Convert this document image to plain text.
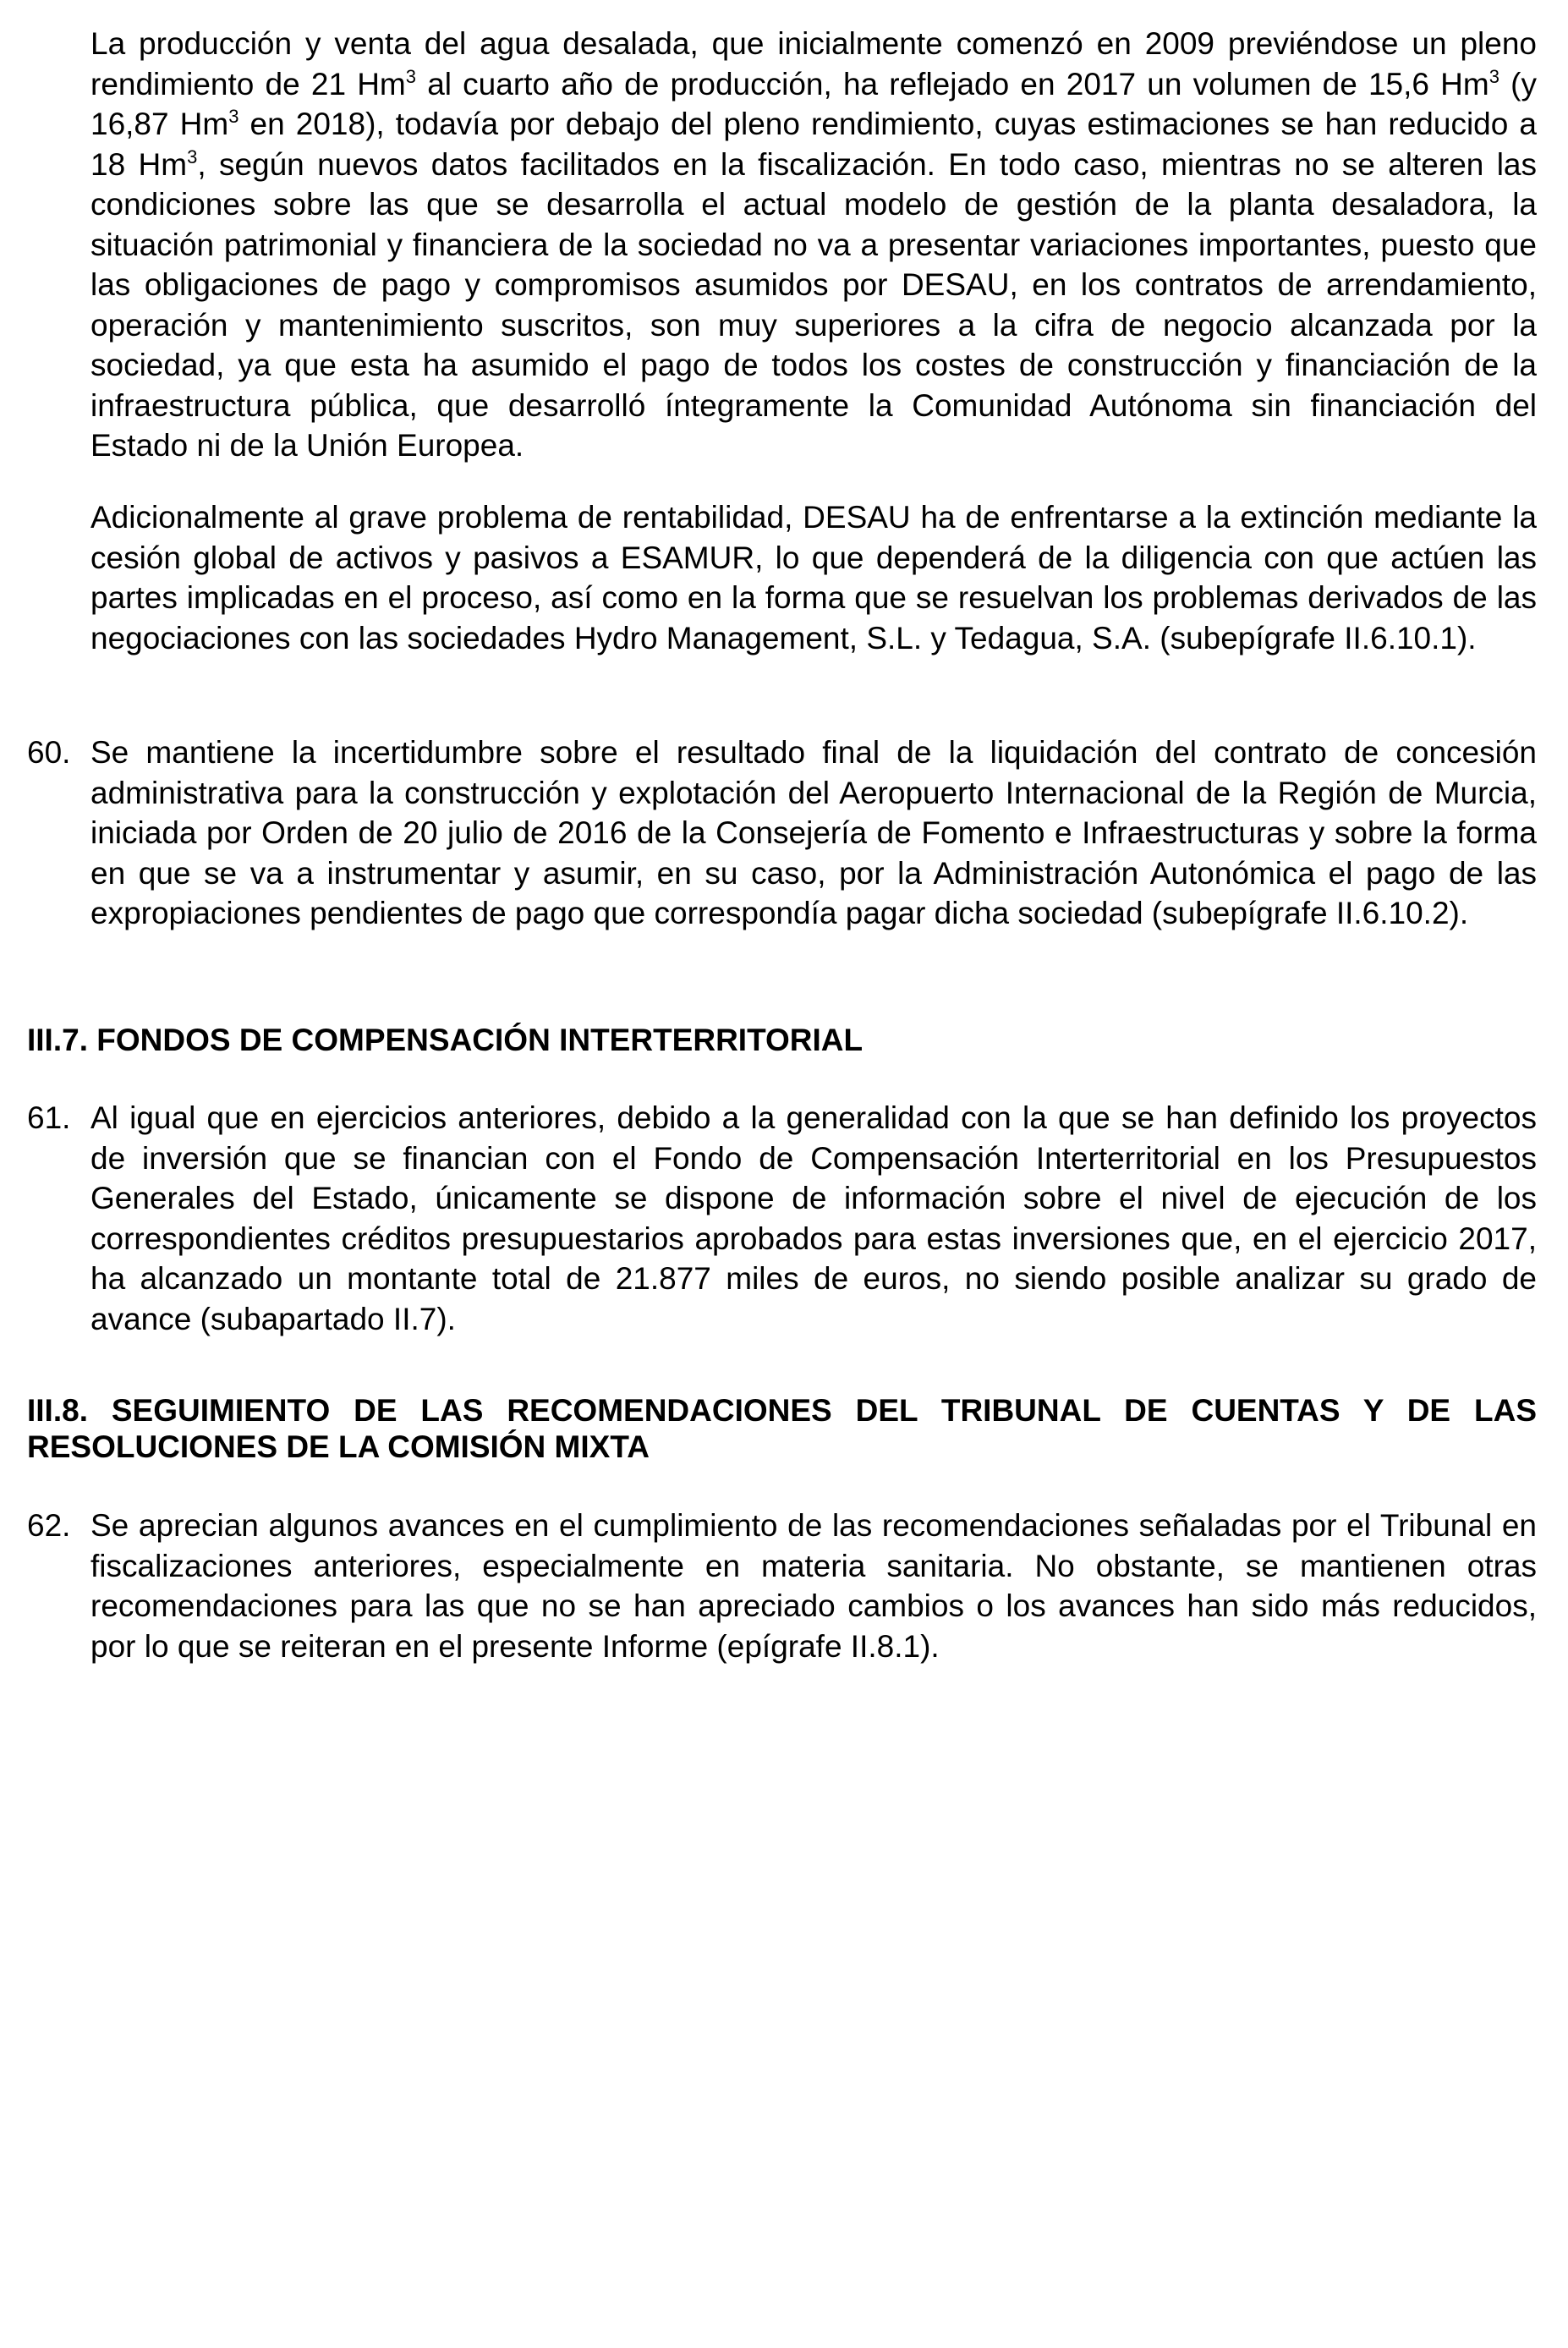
La producción y venta del agua desalada, que inicialmente comenzó en 2009 previéndose un pleno rendimiento de 21 Hm$^3$ al cuarto año de producción, ha reflejado en 2017 un volumen de 15,6 Hm$^3$ (y 16,87 Hm$^3$ en 2018), todavía por debajo del pleno rendimiento, cuyas estimaciones se han reducido a 18 Hm$^3$, según nuevos datos facilitados en la fiscalización. En todo caso, mientras no se alteren las condiciones sobre las que se desarrolla el actual modelo de gestión de la planta desaladora, la situación patrimonial y financiera de la sociedad no va a presentar variaciones importantes, puesto que las obligaciones de pago y compromisos asumidos por DESAU, en los contratos de arrendamiento, operación y mantenimiento suscritos, son muy superiores a la cifra de negocio alcanzada por la sociedad, ya que esta ha asumido el pago de todos los costes de construcción y financiación de la infraestructura pública, que desarrolló íntegramente la Comunidad Autónoma sin financiación del Estado ni de la Unión Europea.

Adicionalmente al grave problema de rentabilidad, DESAU ha de enfrentarse a la extinción mediante la cesión global de activos y pasivos a ESAMUR, lo que dependerá de la diligencia con que actúen las partes implicadas en el proceso, así como en la forma que se resuelvan los problemas derivados de las negociaciones con las sociedades Hydro Management, S.L. y Tedagua, S.A. (subepígrafe II.6.10.1).

60. Se mantiene la incertidumbre sobre el resultado final de la liquidación del contrato de concesión administrativa para la construcción y explotación del Aeropuerto Internacional de la Región de Murcia, iniciada por Orden de 20 julio de 2016 de la Consejería de Fomento e Infraestructuras y sobre la forma en que se va a instrumentar y asumir, en su caso, por la Administración Autonómica el pago de las expropiaciones pendientes de pago que correspondía pagar dicha sociedad (subepígrafe II.6.10.2).
III.7. FONDOS DE COMPENSACIÓN INTERTERRITORIAL
61. Al igual que en ejercicios anteriores, debido a la generalidad con la que se han definido los proyectos de inversión que se financian con el Fondo de Compensación Interterritorial en los Presupuestos Generales del Estado, únicamente se dispone de información sobre el nivel de ejecución de los correspondientes créditos presupuestarios aprobados para estas inversiones que, en el ejercicio 2017, ha alcanzado un montante total de 21.877 miles de euros, no siendo posible analizar su grado de avance (subapartado II.7).
III.8. SEGUIMIENTO DE LAS RECOMENDACIONES DEL TRIBUNAL DE CUENTAS Y DE LAS RESOLUCIONES DE LA COMISIÓN MIXTA
62. Se aprecian algunos avances en el cumplimiento de las recomendaciones señaladas por el Tribunal en fiscalizaciones anteriores, especialmente en materia sanitaria. No obstante, se mantienen otras recomendaciones para las que no se han apreciado cambios o los avances han sido más reducidos, por lo que se reiteran en el presente Informe (epígrafe II.8.1).
